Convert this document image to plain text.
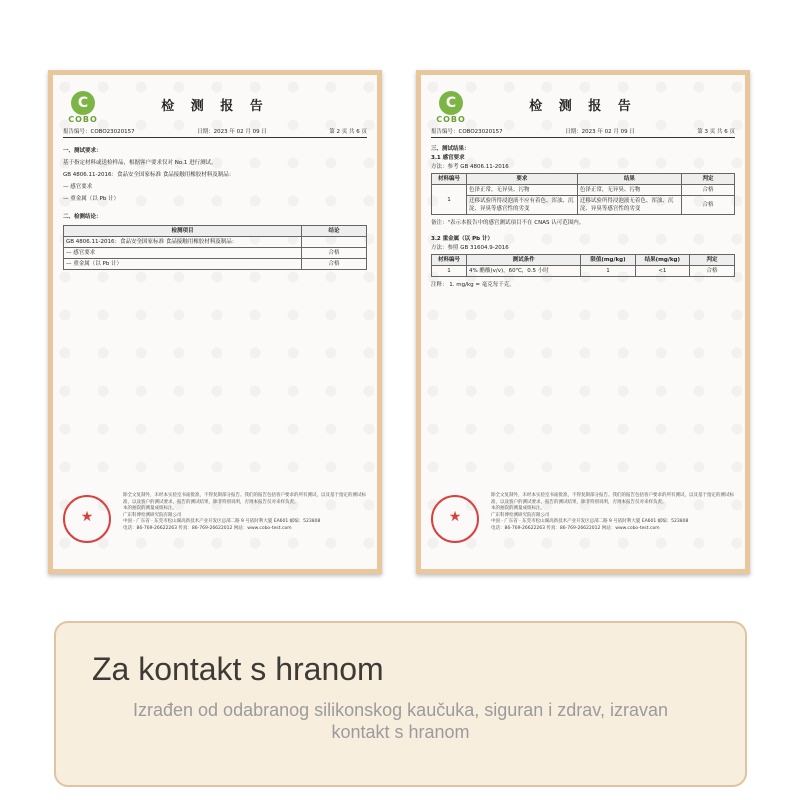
C
COBO
检 测 报 告
报告编号：COBO23020157	日期：2023 年 02 月 09 日	第 2 页 共 6 页

一、测试要求：

基于指定材料或送检样品，根据客户要求仅对 No.1 进行测试。

GB 4806.11-2016：食品安全国家标准 食品接触用橡胶材料及制品：

— 感官要求

— 重金属（以 Pb 计）

二、检测结论：

检测项目	结论
GB 4806.11-2016：食品安全国家标准 食品接触用橡胶材料及制品：	
— 感官要求	合格
— 重金属（以 Pb 计）	合格
★

除全文复制外，未经本实验室书面批准，不得复制部分报告。我们的报告包括客户要求的所有测试，以及基于指定的测试标准，以及客户的测试要求。报告的测试结果，除非特别说明，否则本报告仅对来样负责。

本的抽次的测量成绩标注。

广东科博检测研究院有限公司

中国 · 广东省 · 东莞市松山湖高新技术产业开发区总部二路 9 号依时利大厦 EA601 邮编：523808

电话：86-769-26622263 传真：86-769-26622012 网站：www.cobo-test.com

C
COBO
检 测 报 告
报告编号：COBO23020157	日期：2023 年 02 月 09 日	第 3 页 共 6 页

三、测试结果：

3.1 感官要求

方法：参考 GB 4806.11-2016

材料编号	要求	结果	判定
1	色泽正常，无异臭、污物	色泽正常，无异臭、污物	合格
	迁移试验所得浸泡液不应有着色、浑浊、沉淀、异臭等感官性的劣变	迁移试验所得浸泡液无着色、浑浊、沉淀、异臭等感官性的劣变	合格

备注："表示本报告中的感官测试项目不在 CNAS 认可范围内。

3.2 重金属（以 Pb 计）

方法：参照 GB 31604.9-2016

材料编号	测试条件	限值(mg/kg)	结果(mg/kg)	判定
1	4% 醋酸(v/v)，60℃，0.5 小时	1	<1	合格

注释： 1. mg/kg = 毫克每千克。

★

除全文复制外，未经本实验室书面批准，不得复制部分报告。我们的报告包括客户要求的所有测试，以及基于指定的测试标准，以及客户的测试要求。报告的测试结果，除非特别说明，否则本报告仅对来样负责。

本的抽次的测量成绩标注。

广东科博检测研究院有限公司

中国 · 广东省 · 东莞市松山湖高新技术产业开发区总部二路 9 号依时利大厦 EA601 邮编：523808

电话：86-769-26622263 传真：86-769-26622012 网站：www.cobo-test.com

Za kontakt s hranom
Izrađen od odabranog silikonskog kaučuka, siguran i zdrav, izravan
kontakt s hranom
